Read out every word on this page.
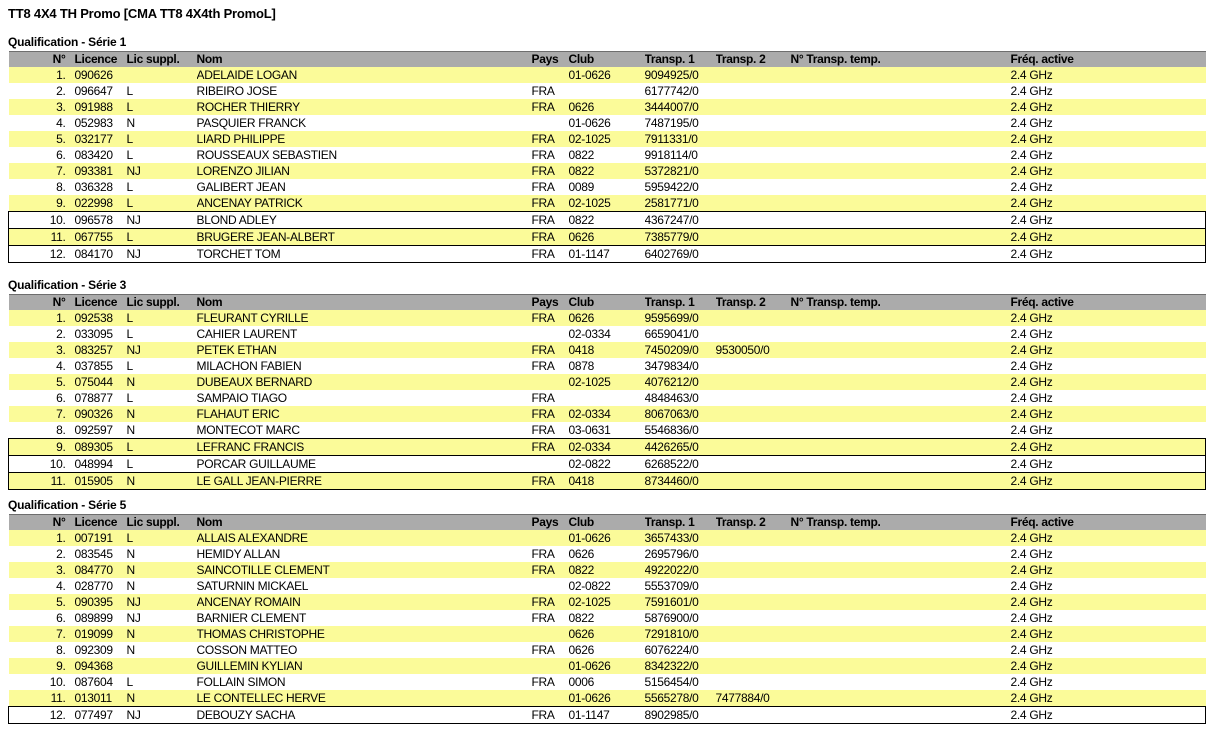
TT8 4X4 TH Promo [CMA TT8 4X4th PromoL]
Qualification - Série 1
N°	Licence	Lic suppl.	Nom	Pays	Club	Transp. 1	Transp. 2	N° Transp. temp.	Fréq. active
1.	090626		ADELAIDE LOGAN		01-0626	9094925/0			2.4 GHz
2.	096647	L	RIBEIRO JOSE	FRA		6177742/0			2.4 GHz
3.	091988	L	ROCHER THIERRY	FRA	0626	3444007/0			2.4 GHz
4.	052983	N	PASQUIER FRANCK		01-0626	7487195/0			2.4 GHz
5.	032177	L	LIARD PHILIPPE	FRA	02-1025	7911331/0			2.4 GHz
6.	083420	L	ROUSSEAUX SEBASTIEN	FRA	0822	9918114/0			2.4 GHz
7.	093381	NJ	LORENZO JILIAN	FRA	0822	5372821/0			2.4 GHz
8.	036328	L	GALIBERT JEAN	FRA	0089	5959422/0			2.4 GHz
9.	022998	L	ANCENAY PATRICK	FRA	02-1025	2581771/0			2.4 GHz
10.	096578	NJ	BLOND ADLEY	FRA	0822	4367247/0			2.4 GHz
11.	067755	L	BRUGERE JEAN-ALBERT	FRA	0626	7385779/0			2.4 GHz
12.	084170	NJ	TORCHET TOM	FRA	01-1147	6402769/0			2.4 GHz
Qualification - Série 3
N°	Licence	Lic suppl.	Nom	Pays	Club	Transp. 1	Transp. 2	N° Transp. temp.	Fréq. active
1.	092538	L	FLEURANT CYRILLE	FRA	0626	9595699/0			2.4 GHz
2.	033095	L	CAHIER LAURENT		02-0334	6659041/0			2.4 GHz
3.	083257	NJ	PETEK ETHAN	FRA	0418	7450209/0	9530050/0		2.4 GHz
4.	037855	L	MILACHON FABIEN	FRA	0878	3479834/0			2.4 GHz
5.	075044	N	DUBEAUX BERNARD		02-1025	4076212/0			2.4 GHz
6.	078877	L	SAMPAIO TIAGO	FRA		4848463/0			2.4 GHz
7.	090326	N	FLAHAUT ERIC	FRA	02-0334	8067063/0			2.4 GHz
8.	092597	N	MONTECOT MARC	FRA	03-0631	5546836/0			2.4 GHz
9.	089305	L	LEFRANC FRANCIS	FRA	02-0334	4426265/0			2.4 GHz
10.	048994	L	PORCAR GUILLAUME		02-0822	6268522/0			2.4 GHz
11.	015905	N	LE GALL JEAN-PIERRE	FRA	0418	8734460/0			2.4 GHz
Qualification - Série 5
N°	Licence	Lic suppl.	Nom	Pays	Club	Transp. 1	Transp. 2	N° Transp. temp.	Fréq. active
1.	007191	L	ALLAIS ALEXANDRE		01-0626	3657433/0			2.4 GHz
2.	083545	N	HEMIDY ALLAN	FRA	0626	2695796/0			2.4 GHz
3.	084770	N	SAINCOTILLE CLEMENT	FRA	0822	4922022/0			2.4 GHz
4.	028770	N	SATURNIN MICKAEL		02-0822	5553709/0			2.4 GHz
5.	090395	NJ	ANCENAY ROMAIN	FRA	02-1025	7591601/0			2.4 GHz
6.	089899	NJ	BARNIER CLEMENT	FRA	0822	5876900/0			2.4 GHz
7.	019099	N	THOMAS CHRISTOPHE		0626	7291810/0			2.4 GHz
8.	092309	N	COSSON MATTEO	FRA	0626	6076224/0			2.4 GHz
9.	094368		GUILLEMIN KYLIAN		01-0626	8342322/0			2.4 GHz
10.	087604	L	FOLLAIN SIMON	FRA	0006	5156454/0			2.4 GHz
11.	013011	N	LE CONTELLEC HERVE		01-0626	5565278/0	7477884/0		2.4 GHz
12.	077497	NJ	DEBOUZY SACHA	FRA	01-1147	8902985/0			2.4 GHz
